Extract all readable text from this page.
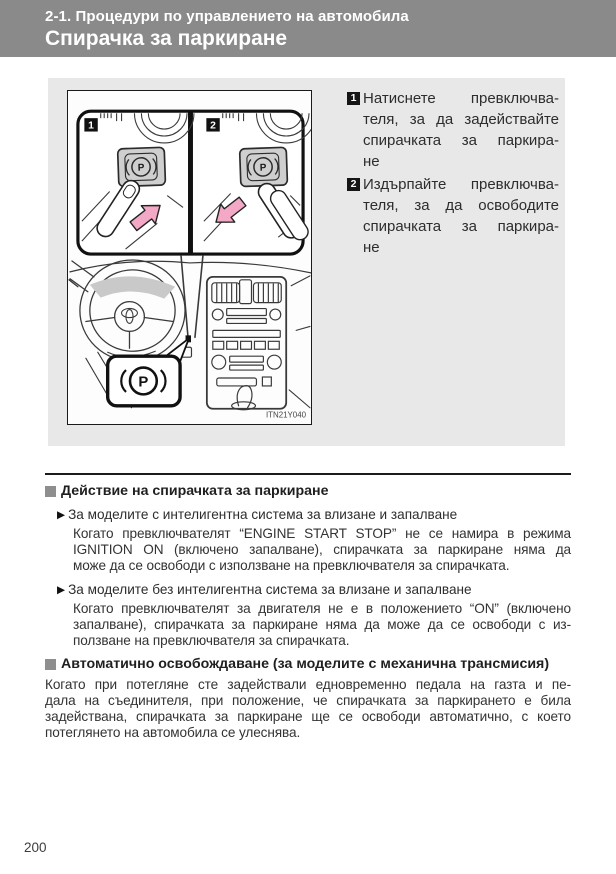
2-1. Процедури по управлението на автомобила
Спирачка за паркиране
1	2
P
ITN21Y040
1 Натиснете превключва-
теля, за да задействайте
спирачката за паркира-
не
2 Издърпайте превключва-
теля, за да освободите
спирачката за паркира-
не
Действие на спирачката за паркиране
▶ За моделите с интелигентна система за влизане и запалване
Когато превключвателят “ENGINE START STOP” не се намира в режима
IGNITION ON (включено запалване), спирачката за паркиране няма да
може да се освободи с използване на превключвателя за спирачката.
▶ За моделите без интелигентна система за влизане и запалване
Когато превключвателят за двигателя не е в положението “ON” (включено
запалване), спирачката за паркиране няма да може да се освободи с из-
ползване на превключвателя за спирачката.
Автоматично освобождаване (за моделите с механична трансмисия)
Когато при потегляне сте задействали едновременно педала на газта и пе-
дала на съединителя, при положение, че спирачката за паркирането е била
задействана, спирачката за паркиране ще се освободи автоматично, с което
потеглянето на автомобила се улеснява.
200
